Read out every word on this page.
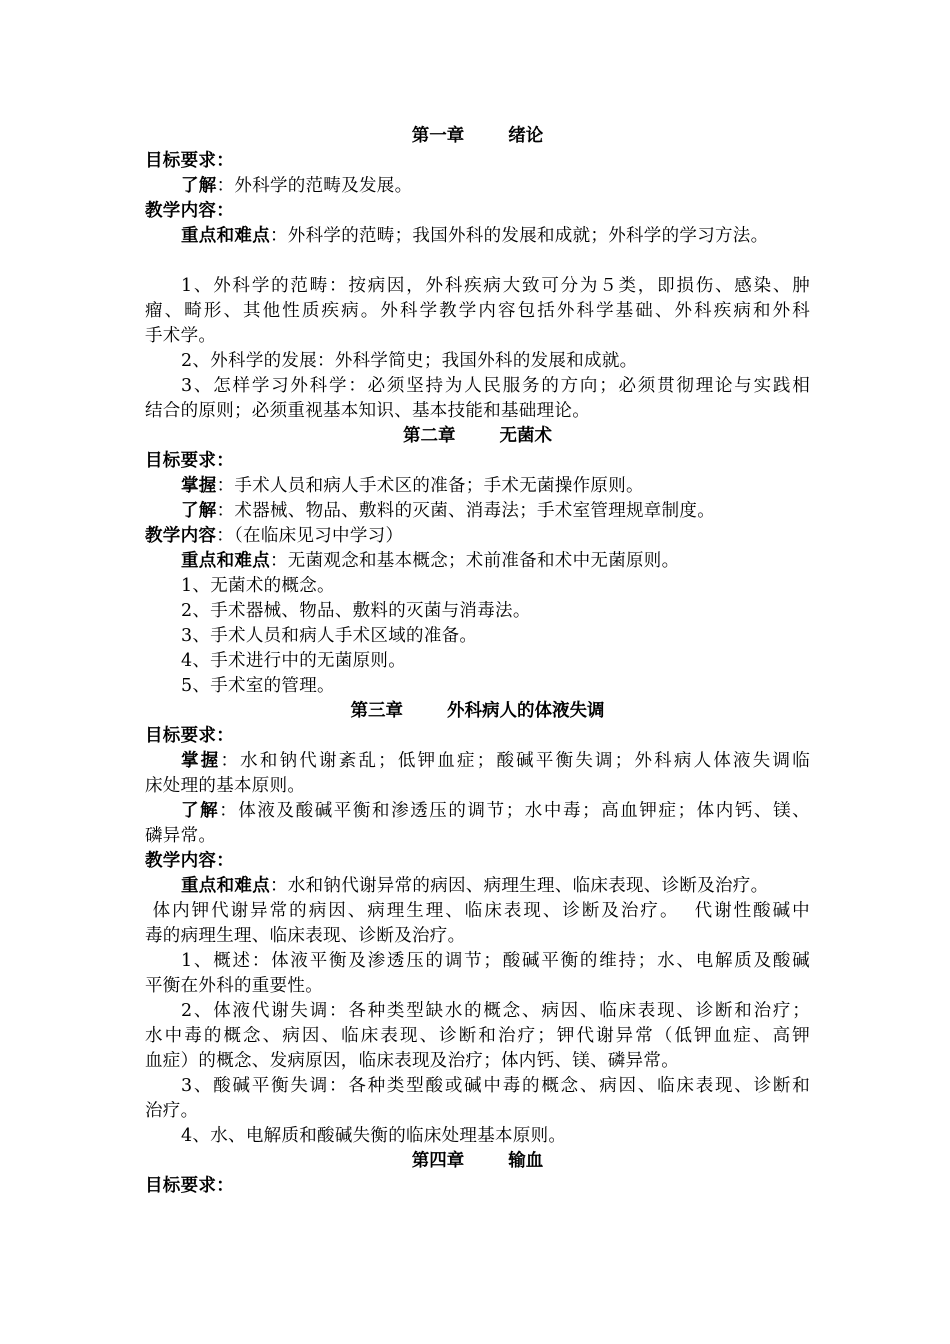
第一章	绪论
目标要求：
了解：外科学的范畴及发展。
教学内容：
重点和难点：外科学的范畴；我国外科的发展和成就；外科学的学习方法。
1、外科学的范畴：按病因，外科疾病大致可分为５类，即损伤、感染、肿
瘤、畸形、其他性质疾病。外科学教学内容包括外科学基础、外科疾病和外科
手术学。
2、外科学的发展：外科学简史；我国外科的发展和成就。
3、怎样学习外科学：必须坚持为人民服务的方向；必须贯彻理论与实践相
结合的原则；必须重视基本知识、基本技能和基础理论。
第二章	无菌术
目标要求：
掌握：手术人员和病人手术区的准备；手术无菌操作原则。
了解：术器械、物品、敷料的灭菌、消毒法；手术室管理规章制度。
教学内容：（在临床见习中学习）
重点和难点：无菌观念和基本概念；术前准备和术中无菌原则。
1、无菌术的概念。
2、手术器械、物品、敷料的灭菌与消毒法。
3、手术人员和病人手术区域的准备。
4、手术进行中的无菌原则。
5、手术室的管理。
第三章	外科病人的体液失调
目标要求：
掌握：水和钠代谢紊乱；低钾血症；酸碱平衡失调；外科病人体液失调临
床处理的基本原则。
了解：体液及酸碱平衡和渗透压的调节；水中毒；高血钾症；体内钙、镁、
磷异常。
教学内容：
重点和难点：水和钠代谢异常的病因、病理生理、临床表现、诊断及治疗。
体内钾代谢异常的病因、病理生理、临床表现、诊断及治疗。  代谢性酸碱中
毒的病理生理、临床表现、诊断及治疗。
1、概述：体液平衡及渗透压的调节；酸碱平衡的维持；水、电解质及酸碱
平衡在外科的重要性。
2、体液代谢失调：各种类型缺水的概念、病因、临床表现、诊断和治疗；
水中毒的概念、病因、临床表现、诊断和治疗；钾代谢异常（低钾血症、高钾
血症）的概念、发病原因，临床表现及治疗；体内钙、镁、磷异常。
3、酸碱平衡失调：各种类型酸或碱中毒的概念、病因、临床表现、诊断和
治疗。
4、水、电解质和酸碱失衡的临床处理基本原则。
第四章	输血
目标要求：
